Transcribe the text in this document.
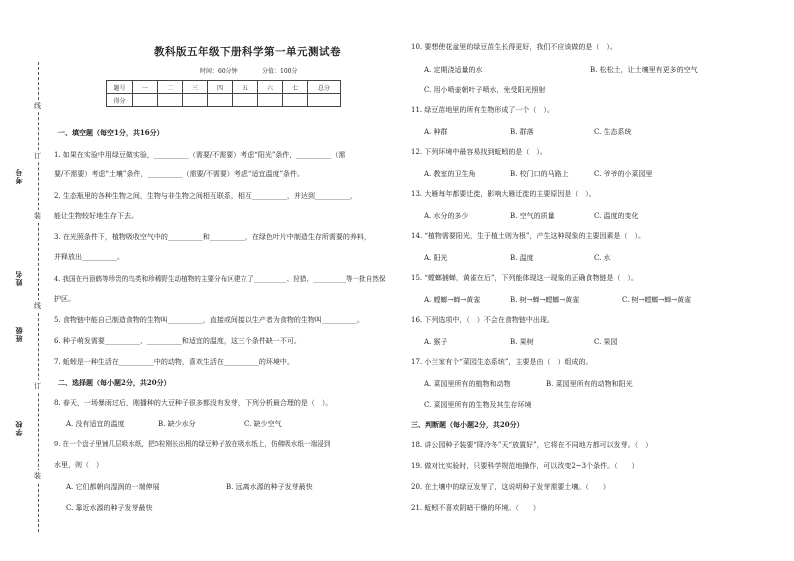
考号
姓名
班级
学校
线
订
装
线
订
装
教科版五年级下册科学第一单元测试卷
时间：60分钟	分值：100分
题号	一	二	三	四	五	六	七	总分
得分								
一、填空题（每空1分，共16分）
1. 如果在实验中用绿豆做实验，__________（需要/不需要）考虑“阳光”条件，__________（需
要/不需要）考虑“土壤”条件，__________（需要/不需要）考虑“适宜温度”条件。
2. 生态瓶里的各种生物之间，生物与非生物之间相互联系，相互__________，并达到__________，
能让生物较好地生存下去。
3. 在光照条件下，植物吸收空气中的__________和__________，在绿色叶片中制造生存所需要的养料，
并释放出__________。
4. 我国在丹顶鹤等珍贵的鸟类和珍稀野生动植物的主要分布区建立了__________、狩猎、__________等一批自然保
护区。
5. 食物链中能自己制造食物的生物叫__________，直接或间接以生产者为食物的生物叫__________。
6. 种子萌发需要__________、__________和适宜的温度，这三个条件缺一不可。
7. 蚯蚓是一种生活在__________中的动物，喜欢生活在__________的环境中。
二、选择题（每小题2分，共20分）
8. 春天，一场暴雨过后，刚播种的大豆种子很多都没有发芽，下列分析最合理的是（　）。
A. 没有适宜的温度	B. 缺少水分	C. 缺少空气
9. 在一个盘子里铺几层吸水纸，把5粒刚长出根的绿豆种子放在吸水纸上，仿佛吸水纸一端浸到
水里，则（　）
A. 它们都朝向湿润的一端伸展	B. 远离水源的种子发芽最快
C. 靠近水源的种子发芽最快
10. 要想使花盆里的绿豆苗生长得更好，我们不应该做的是（　）。
A. 定期浇适量的水	B. 松松土，让土壤里有更多的空气
C. 用小喷壶朝叶子喷水，免受阳光照射
11. 绿豆苗地里的所有生物形成了一个（　）。
A. 种群	B. 群落	C. 生态系统
12. 下列环境中最容易找到蚯蚓的是（　）。
A. 教室的卫生角	B. 校门口的马路上	C. 爷爷的小菜园里
13. 大雁每年都要迁徙，影响大雁迁徙的主要原因是（　）。
A. 水分的多少	B. 空气的质量	C. 温度的变化
14. “植物需要阳光，生于植土则为根”，产生这种现象的主要因素是（　）。
A. 阳光	B. 温度	C. 水
15. “螳螂捕蝉，黄雀在后”，下列能体现这一现象的正确食物链是（　）。
A. 螳螂→蝉→黄雀	B. 树→蝉→螳螂→黄雀	C. 树→螳螂→蝉→黄雀
16. 下列选项中，（　）不会在食物链中出现。
A. 猴子	B. 果树	C. 果园
17. 小兰家有个“菜园生态系统”，主要是由（　）组成的。
A. 菜园里所有的植物和动物	B. 菜园里所有的动物和阳光
C. 菜园里所有的生物及其生存环境
三、判断题（每小题2分，共20分）
18. 讲公园种子装要“降冷冬”天“放置好”，它将在不同地方都可以发芽。（　）
19. 做对比实验时，只要科学规范地操作，可以改变2~3个条件。（　　）
20. 在土壤中的绿豆发芽了，这说明种子发芽需要土壤。（　　）
21. 蚯蚓不喜欢阴暗干燥的环境。（　　）
